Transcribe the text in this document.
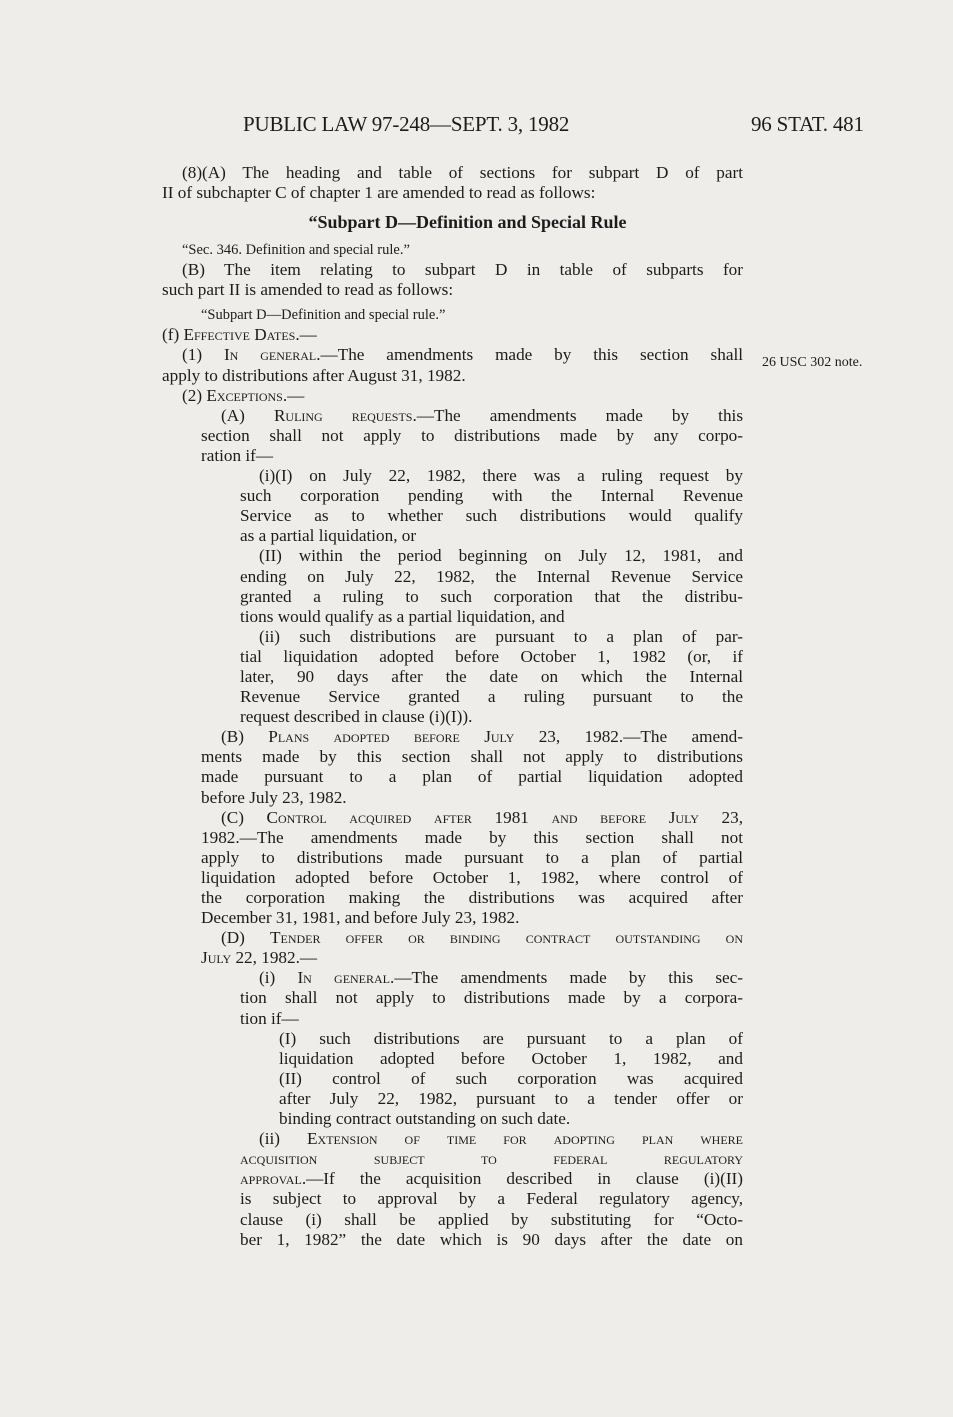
PUBLIC LAW 97-248—SEPT. 3, 1982	96 STAT. 481
26 USC 302 note.
(8)(A) The heading and table of sections for subpart D of part
II of subchapter C of chapter 1 are amended to read as follows:
“Subpart D—Definition and Special Rule
“Sec. 346. Definition and special rule.”
(B) The item relating to subpart D in table of subparts for
such part II is amended to read as follows:
“Subpart D—Definition and special rule.”
(f) Effective Dates.—
(1) In general.—The amendments made by this section shall
apply to distributions after August 31, 1982.
(2) Exceptions.—
(A) Ruling requests.—The amendments made by this
section shall not apply to distributions made by any corpo-
ration if—
(i)(I) on July 22, 1982, there was a ruling request by
such corporation pending with the Internal Revenue
Service as to whether such distributions would qualify
as a partial liquidation, or
(II) within the period beginning on July 12, 1981, and
ending on July 22, 1982, the Internal Revenue Service
granted a ruling to such corporation that the distribu-
tions would qualify as a partial liquidation, and
(ii) such distributions are pursuant to a plan of par-
tial liquidation adopted before October 1, 1982 (or, if
later, 90 days after the date on which the Internal
Revenue Service granted a ruling pursuant to the
request described in clause (i)(I)).
(B) Plans adopted before July 23, 1982.—The amend-
ments made by this section shall not apply to distributions
made pursuant to a plan of partial liquidation adopted
before July 23, 1982.
(C) Control acquired after 1981 and before July 23,
1982.—The amendments made by this section shall not
apply to distributions made pursuant to a plan of partial
liquidation adopted before October 1, 1982, where control of
the corporation making the distributions was acquired after
December 31, 1981, and before July 23, 1982.
(D) Tender offer or binding contract outstanding on
July 22, 1982.—
(i) In general.—The amendments made by this sec-
tion shall not apply to distributions made by a corpora-
tion if—
(I) such distributions are pursuant to a plan of
liquidation adopted before October 1, 1982, and
(II) control of such corporation was acquired
after July 22, 1982, pursuant to a tender offer or
binding contract outstanding on such date.
(ii) Extension of time for adopting plan where
acquisition subject to federal regulatory
approval.—If the acquisition described in clause (i)(II)
is subject to approval by a Federal regulatory agency,
clause (i) shall be applied by substituting for “Octo-
ber 1, 1982” the date which is 90 days after the date on
